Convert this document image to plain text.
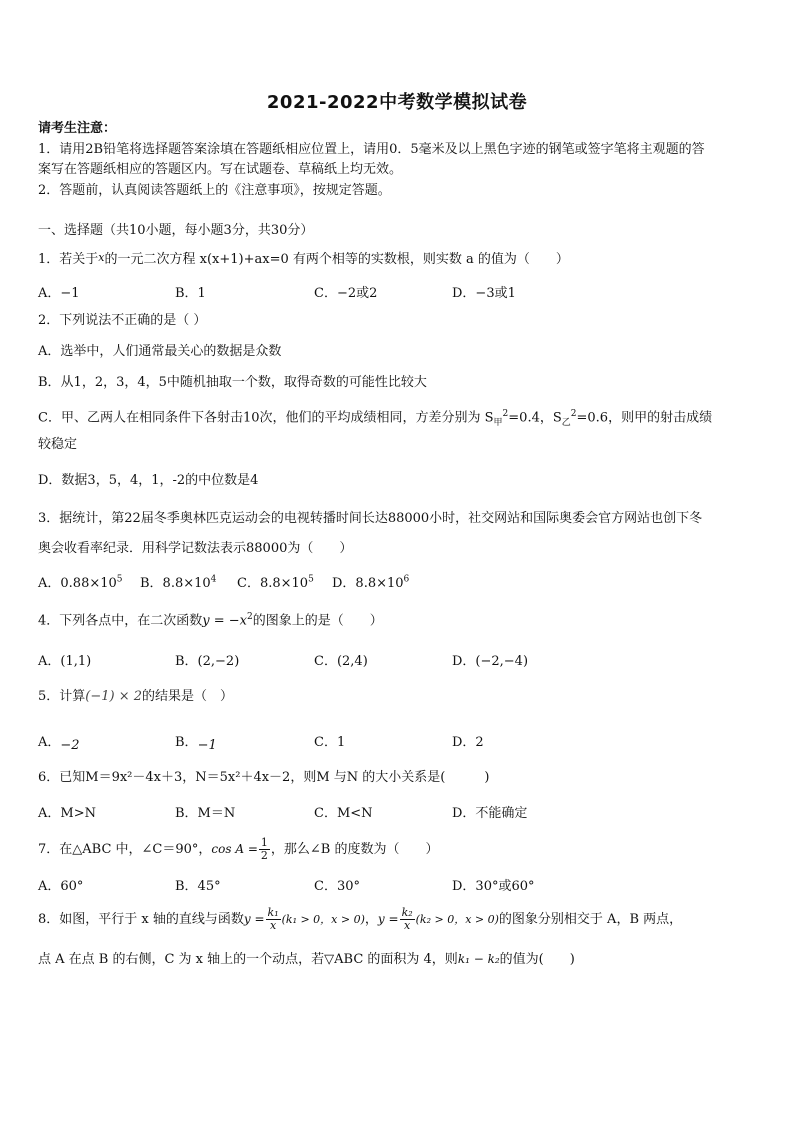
2021-2022中考数学模拟试卷
请考生注意：
1．请用2B铅笔将选择题答案涂填在答题纸相应位置上，请用0．5毫米及以上黑色字迹的钢笔或签字笔将主观题的答
案写在答题纸相应的答题区内。写在试题卷、草稿纸上均无效。
2．答题前，认真阅读答题纸上的《注意事项》，按规定答题。
一、选择题（共10小题，每小题3分，共30分）
1．若关于x的一元二次方程 x(x+1)+ax=0 有两个相等的实数根，则实数 a 的值为（　　）
A．−1	B．1	C．−2或2	D．−3或1
2．下列说法不正确的是（ ）
A．选举中，人们通常最关心的数据是众数
B．从1，2，3，4，5中随机抽取一个数，取得奇数的可能性比较大
C．甲、乙两人在相同条件下各射击10次，他们的平均成绩相同，方差分别为 $S_甲^2=0.4$，$S_乙^2=0.6$，则甲的射击成绩
较稳定
D．数据3，5，4，1，-2的中位数是4
3．据统计，第22届冬季奥林匹克运动会的电视转播时间长达88000小时，社交网站和国际奥委会官方网站也创下冬
奥会收看率纪录．用科学记数法表示88000为（　　）
A．$0.88\times 10^5$ B．$8.8\times 10^4$ C．$8.8\times 10^5$ D．$8.8\times 10^6$
4．下列各点中，在二次函数$y = -x^2$的图象上的是（　　）
A．(1,1)	B．(2,−2)	C．(2,4)	D．(−2,−4)
5．计算(−1) × 2的结果是（　）
A．−2	B．−1	C．1	D．2
6．已知M＝9x²－4x＋3，N＝5x²＋4x－2，则M 与N 的大小关系是(　　　)
A．M>N	B．M＝N	C．M<N	D．不能确定
7．在△ABC 中，∠C＝90°，$\cos A = \frac{1}{2}$ ，那么∠B 的度数为（　　）
A．60°	B．45°	C．30°	D．30°或60°
8．如图，平行于 x 轴的直线与函数$y = \frac{\text{k₁}}{x} (k_1 > 0$，x > 0)，$y = \frac{\text{k₂}}{x} (k_2 > 0$，x > 0)的图象分别相交于 A，B 两点，
点 A 在点 B 的右侧，C 为 x 轴上的一个动点，若▽ABC 的面积为 4，则k₁ − k₂的值为(　　)
